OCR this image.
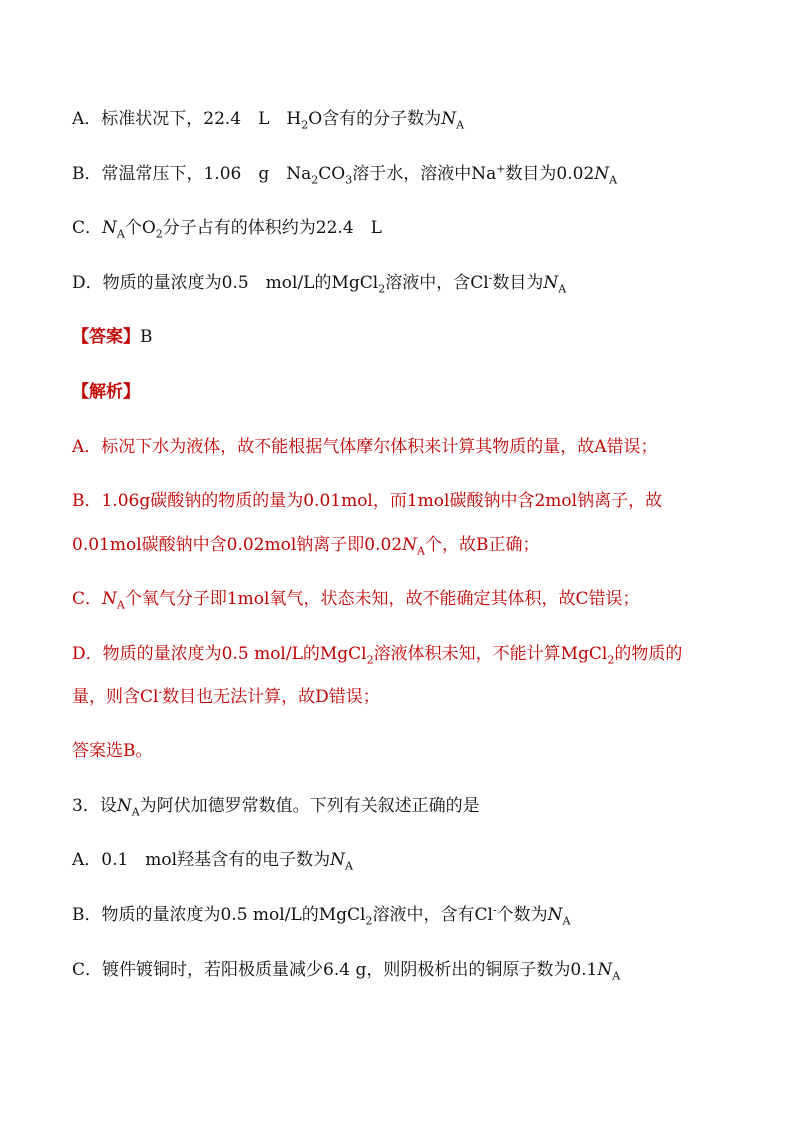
A．标准状况下，22.4　L　$H_2O$含有的分子数为$N_A$
B．常温常压下，1.06　g　$Na_2CO_3$溶于水，溶液中Na+数目为$0.02N_A$
C．$N_A$个$O_2$分子占有的体积约为22.4　L
D．物质的量浓度为0.5　mol/L的MgCl$_2$溶液中，含Cl-数目为$N_A$
【答案】B
【解析】
A．标况下水为液体，故不能根据气体摩尔体积来计算其物质的量，故A错误；
B．1.06g碳酸钠的物质的量为0.01mol，而1mol碳酸钠中含2mol钠离子，故
0.01mol碳酸钠中含0.02mol钠离子即$0.02N_A$个，故B正确；
C．$N_A$个氧气分子即1mol氧气，状态未知，故不能确定其体积，故C错误；
D．物质的量浓度为0.5 mol/L的MgCl$_2$溶液体积未知，不能计算MgCl$_2$的物质的
量，则含Cl-数目也无法计算，故D错误；
答案选B。
3．设$N_A$为阿伏加德罗常数值。下列有关叙述正确的是
A．0.1　mol羟基含有的电子数为$N_A$
B．物质的量浓度为0.5 mol/L的MgCl$_2$溶液中，含有Cl-个数为$N_A$
C．镀件镀铜时，若阳极质量减少6.4 g，则阴极析出的铜原子数为$0.1N_A$
